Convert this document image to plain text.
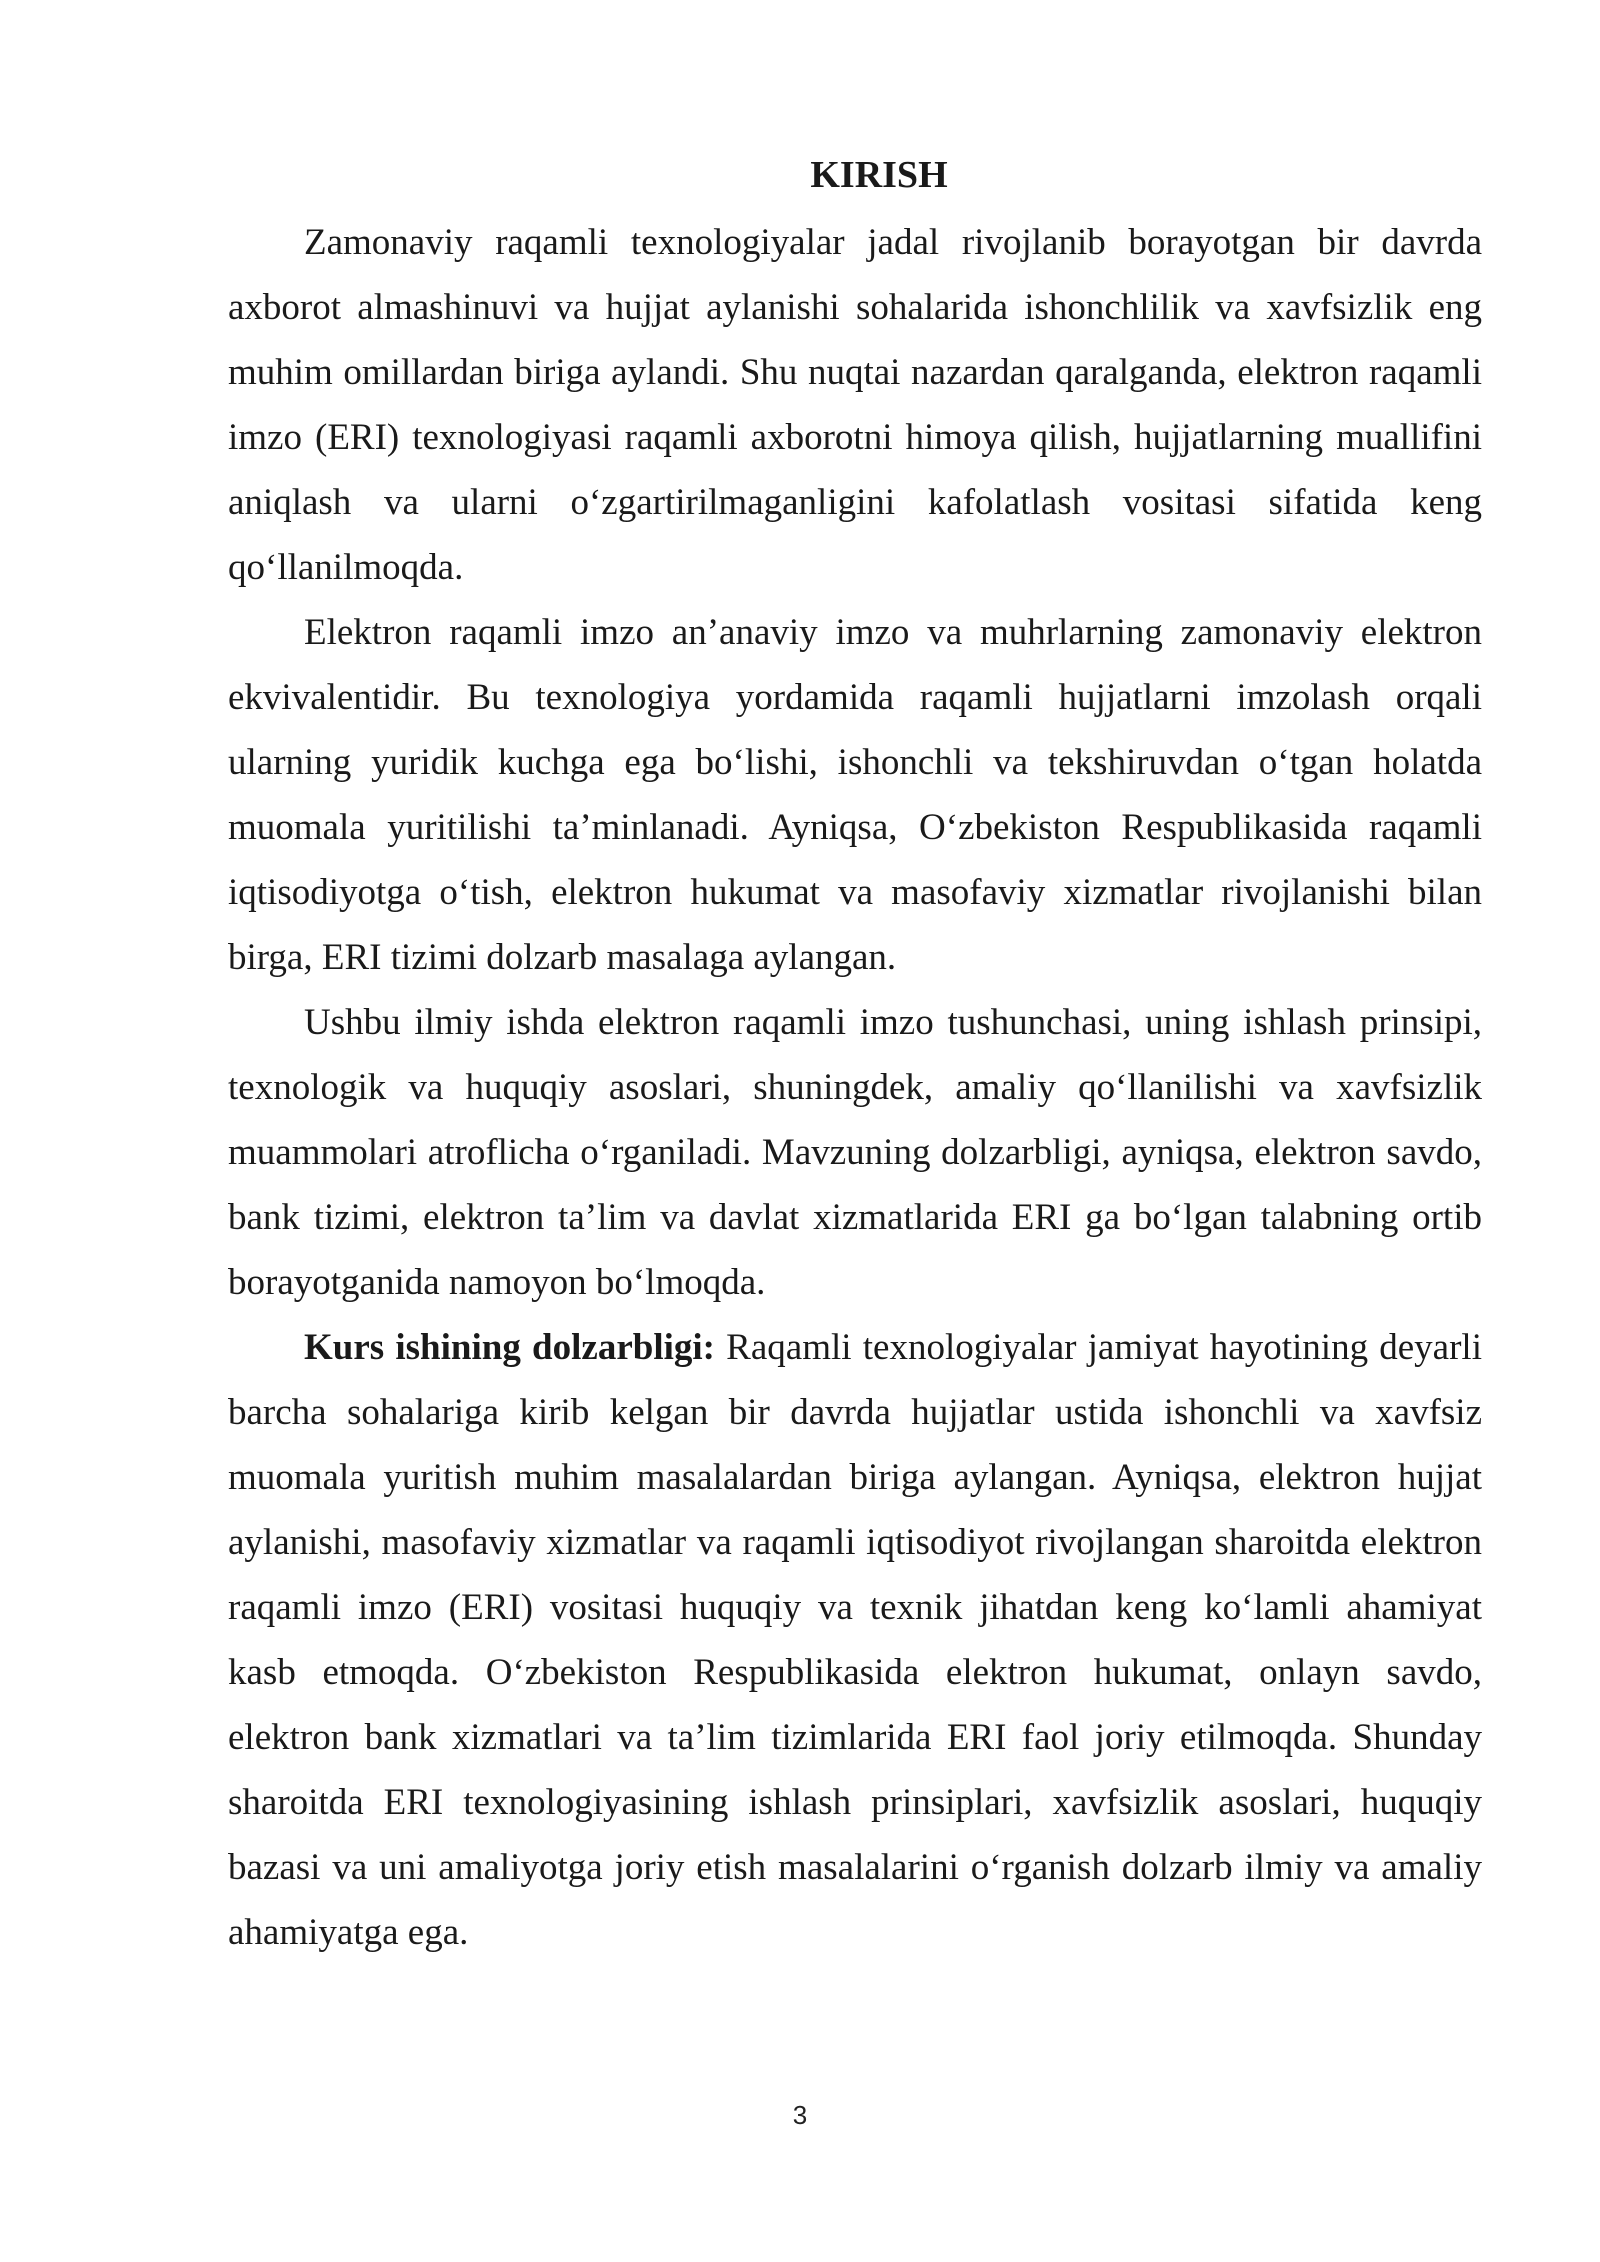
KIRISH

Zamonaviy raqamli texnologiyalar jadal rivojlanib borayotgan bir davrda axborot almashinuvi va hujjat aylanishi sohalarida ishonchlilik va xavfsizlik eng muhim omillardan biriga aylandi. Shu nuqtai nazardan qaralganda, elektron raqamli imzo (ERI) texnologiyasi raqamli axborotni himoya qilish, hujjatlarning muallifini aniqlash va ularni o‘zgartirilmaganligini kafolatlash vositasi sifatida keng qo‘llanilmoqda.

Elektron raqamli imzo an’anaviy imzo va muhrlarning zamonaviy elektron ekvivalentidir. Bu texnologiya yordamida raqamli hujjatlarni imzolash orqali ularning yuridik kuchga ega bo‘lishi, ishonchli va tekshiruvdan o‘tgan holatda muomala yuritilishi ta’minlanadi. Ayniqsa, O‘zbekiston Respublikasida raqamli iqtisodiyotga o‘tish, elektron hukumat va masofaviy xizmatlar rivojlanishi bilan birga, ERI tizimi dolzarb masalaga aylangan.

Ushbu ilmiy ishda elektron raqamli imzo tushunchasi, uning ishlash prinsipi, texnologik va huquqiy asoslari, shuningdek, amaliy qo‘llanilishi va xavfsizlik muammolari atroflicha o‘rganiladi. Mavzuning dolzarbligi, ayniqsa, elektron savdo, bank tizimi, elektron ta’lim va davlat xizmatlarida ERI ga bo‘lgan talabning ortib borayotganida namoyon bo‘lmoqda.

Kurs ishining dolzarbligi: Raqamli texnologiyalar jamiyat hayotining deyarli barcha sohalariga kirib kelgan bir davrda hujjatlar ustida ishonchli va xavfsiz muomala yuritish muhim masalalardan biriga aylangan. Ayniqsa, elektron hujjat aylanishi, masofaviy xizmatlar va raqamli iqtisodiyot rivojlangan sharoitda elektron raqamli imzo (ERI) vositasi huquqiy va texnik jihatdan keng ko‘lamli ahamiyat kasb etmoqda. O‘zbekiston Respublikasida elektron hukumat, onlayn savdo, elektron bank xizmatlari va ta’lim tizimlarida ERI faol joriy etilmoqda. Shunday sharoitda ERI texnologiyasining ishlash prinsiplari, xavfsizlik asoslari, huquqiy bazasi va uni amaliyotga joriy etish masalalarini o‘rganish dolzarb ilmiy va amaliy ahamiyatga ega.

3
